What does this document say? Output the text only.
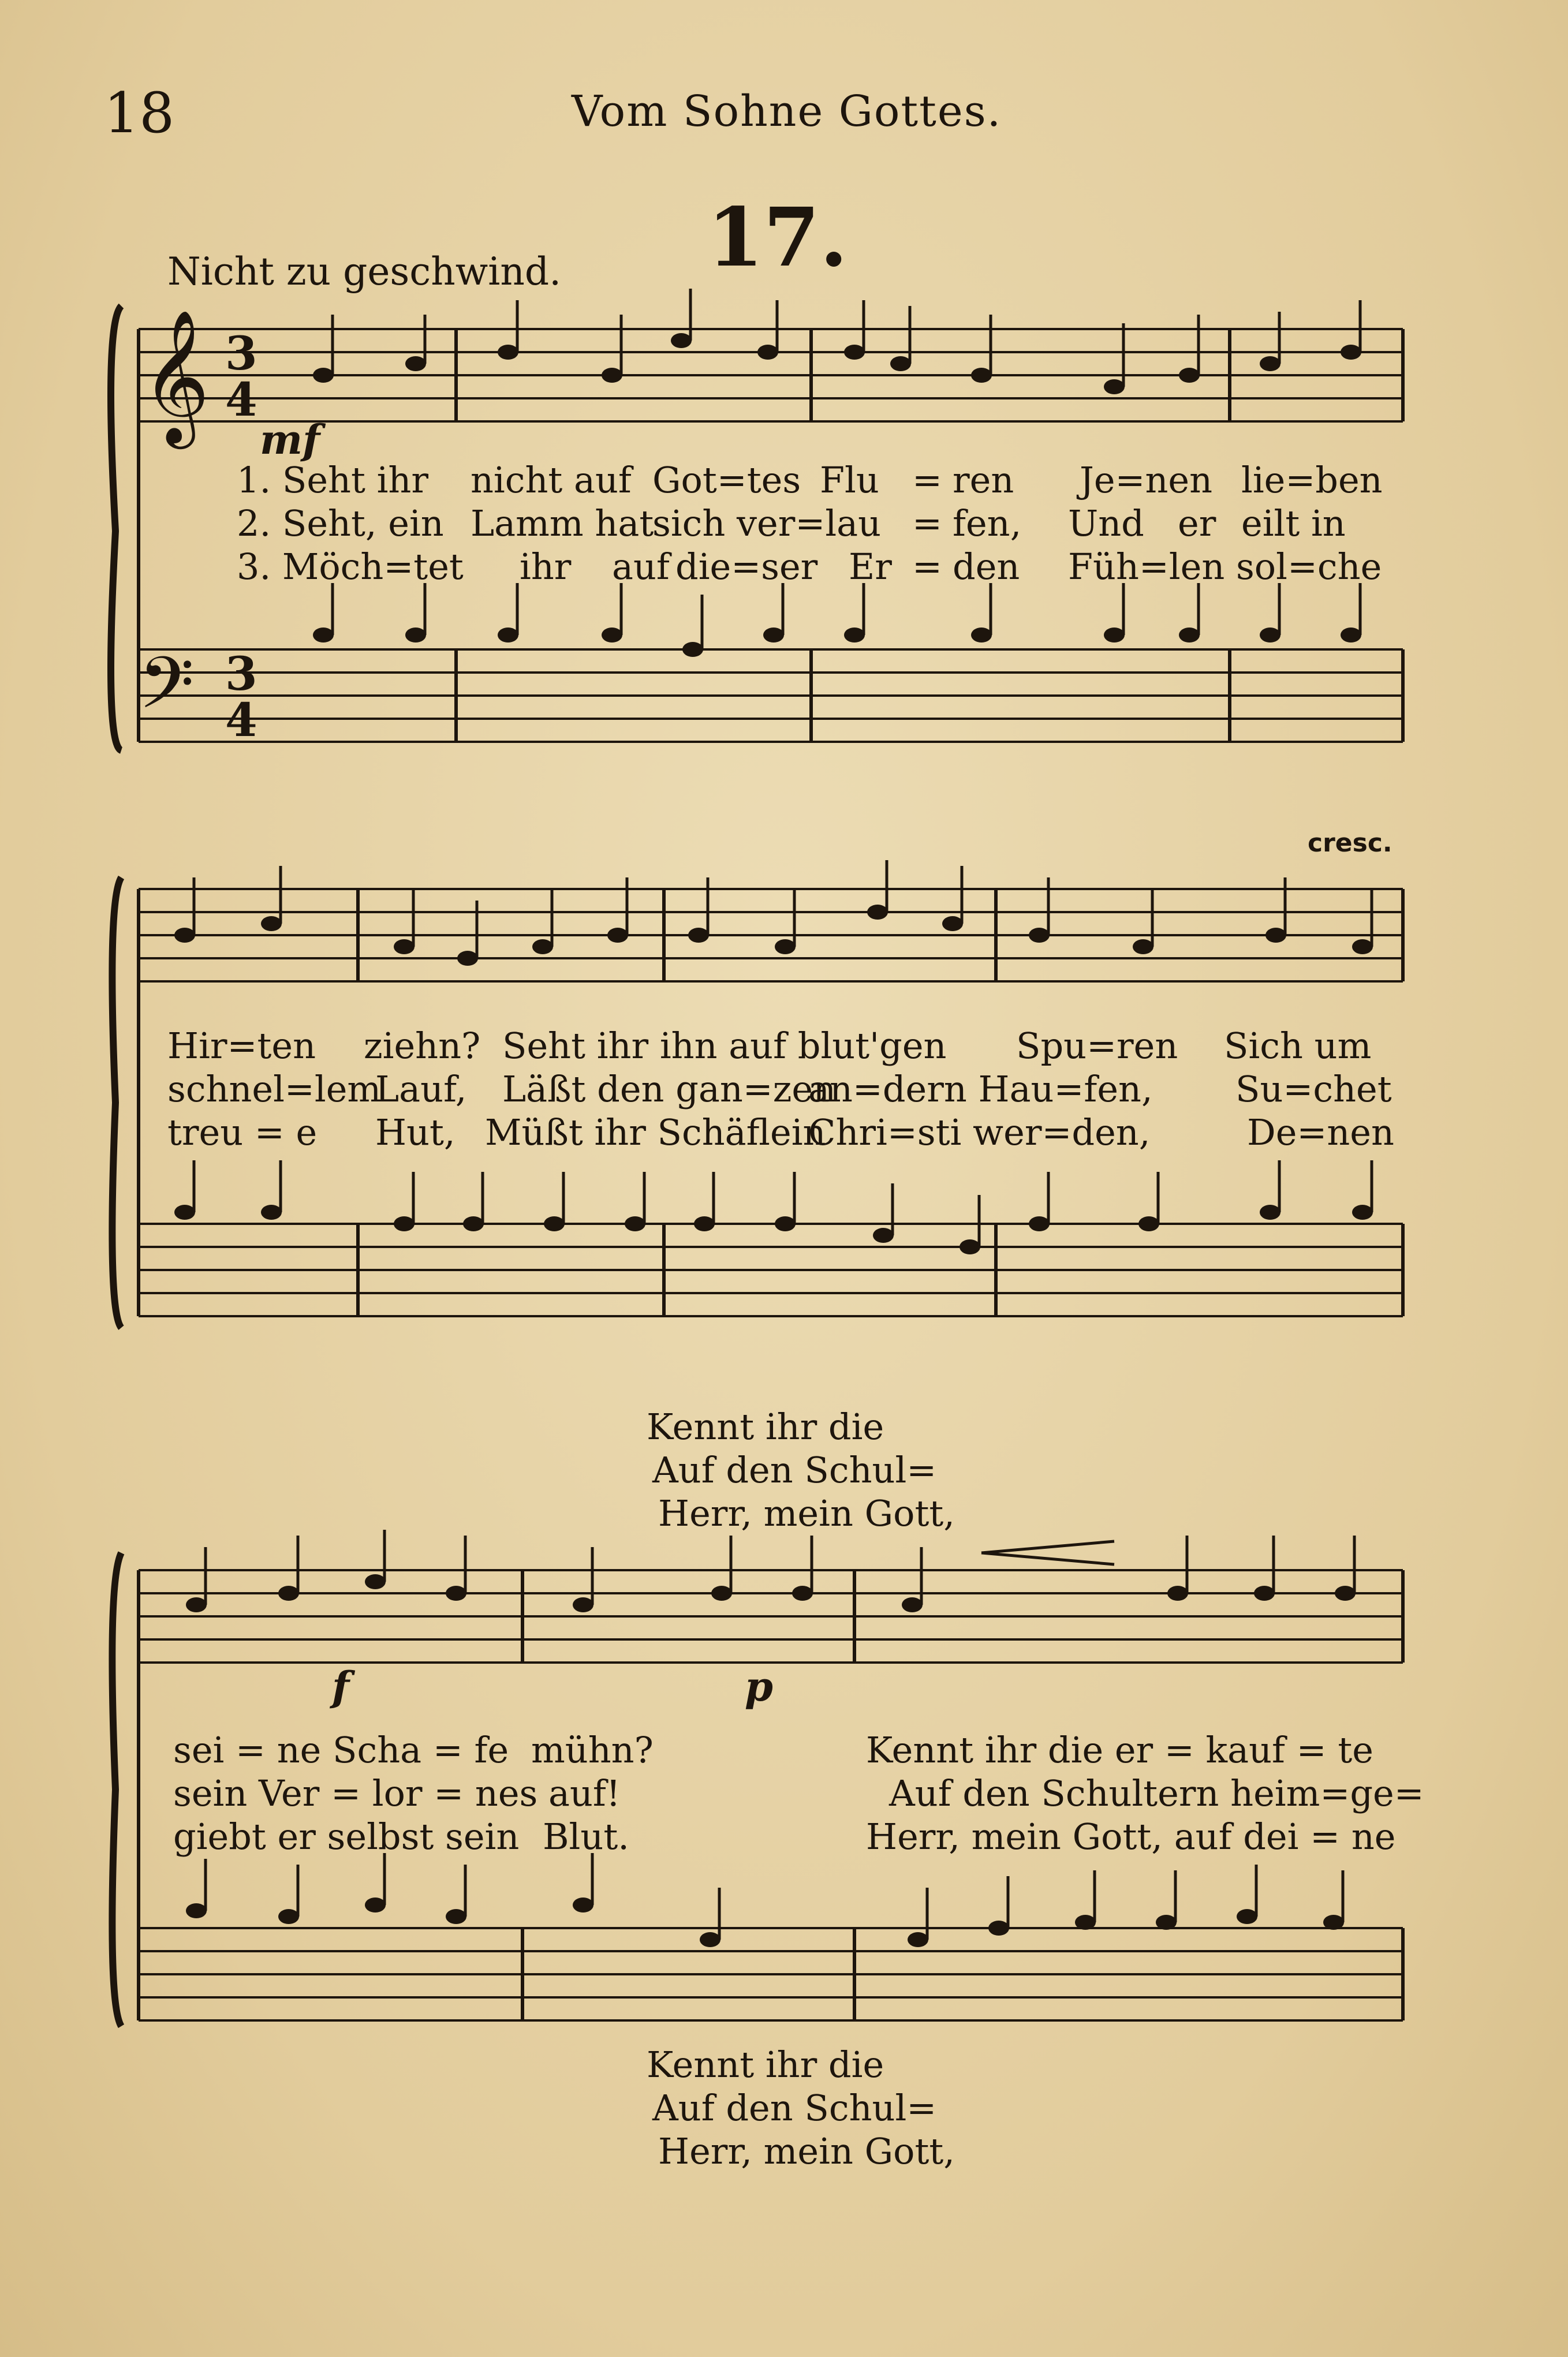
18	Vom Sohne Gottes.
17.
Nicht zu geschwind.
𝄞
𝄢
3
4
3
4
mf
cresc.
f	p
1. Seht ihr nicht auf Got=tes Flu = ren Je=nen lie=ben
2. Seht, ein Lamm hat
sich ver=lau = fen, Und er eilt in
3. Möch=tet ihr auf die=ser Er = den Füh=len sol=che
Hir=ten ziehn? Seht ihr ihn auf blut'gen Spu=ren Sich um
schnel=lem
Lauf, Läßt den gan=zen
an=dern Hau=fen, Su=chet
treu = e Hut, Müßt ihr Schäflein
Chri=sti wer=den,	De=nen
Kennt ihr die
Auf den Schul=
Herr, mein Gott,
sei = ne Scha = fe mühn?	Kennt ihr die er = kauf = te
sein Ver = lor = nes auf!	Auf den Schultern heim=ge=
giebt er selbst sein Blut.	Herr, mein Gott, auf dei = ne
Kennt ihr die
Auf den Schul=
Herr, mein Gott,
